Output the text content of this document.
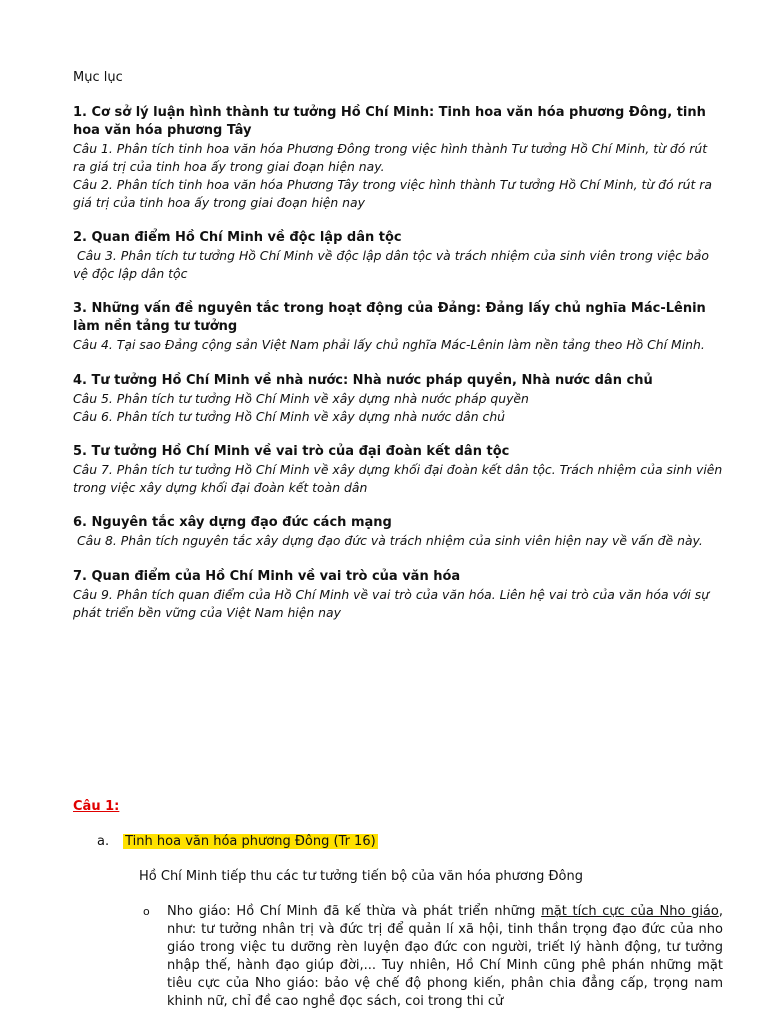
Mục lục
1. Cơ sở lý luận hình thành tư tưởng Hồ Chí Minh: Tinh hoa văn hóa phương Đông, tinh hoa văn hóa phương Tây
Câu 1. Phân tích tinh hoa văn hóa Phương Đông trong việc hình thành Tư tưởng Hồ Chí Minh, từ đó rút ra giá trị của tinh hoa ấy trong giai đoạn hiện nay.
Câu 2. Phân tích tinh hoa văn hóa Phương Tây trong việc hình thành Tư tưởng Hồ Chí Minh, từ đó rút ra giá trị của tinh hoa ấy trong giai đoạn hiện nay
2. Quan điểm Hồ Chí Minh về độc lập dân tộc
Câu 3. Phân tích tư tưởng Hồ Chí Minh về độc lập dân tộc và trách nhiệm của sinh viên trong việc bảo vệ độc lập dân tộc
3. Những vấn đề nguyên tắc trong hoạt động của Đảng: Đảng lấy chủ nghĩa Mác-Lênin làm nền tảng tư tưởng
Câu 4. Tại sao Đảng cộng sản Việt Nam phải lấy chủ nghĩa Mác-Lênin làm nền tảng theo Hồ Chí Minh.
4. Tư tưởng Hồ Chí Minh về nhà nước: Nhà nước pháp quyền, Nhà nước dân chủ
Câu 5. Phân tích tư tưởng Hồ Chí Minh về xây dựng nhà nước pháp quyền
Câu 6. Phân tích tư tưởng Hồ Chí Minh về xây dựng nhà nước dân chủ
5. Tư tưởng Hồ Chí Minh về vai trò của đại đoàn kết dân tộc
Câu 7. Phân tích tư tưởng Hồ Chí Minh về xây dựng khối đại đoàn kết dân tộc. Trách nhiệm của sinh viên trong việc xây dựng khối đại đoàn kết toàn dân
6. Nguyên tắc xây dựng đạo đức cách mạng
Câu 8. Phân tích nguyên tắc xây dựng đạo đức và trách nhiệm của sinh viên hiện nay về vấn đề này.
7. Quan điểm của Hồ Chí Minh về vai trò của văn hóa
Câu 9. Phân tích quan điểm của Hồ Chí Minh về vai trò của văn hóa. Liên hệ vai trò của văn hóa với sự phát triển bền vững của Việt Nam hiện nay
Câu 1:
a. Tinh hoa văn hóa phương Đông (Tr 16)
Hồ Chí Minh tiếp thu các tư tưởng tiến bộ của văn hóa phương Đông
o Nho giáo: Hồ Chí Minh đã kế thừa và phát triển những mặt tích cực của Nho giáo, như: tư tưởng nhân trị và đức trị để quản lí xã hội, tinh thần trọng đạo đức của nho giáo trong việc tu dưỡng rèn luyện đạo đức con người, triết lý hành động, tư tưởng nhập thế, hành đạo giúp đời,... Tuy nhiên, Hồ Chí Minh cũng phê phán những mặt tiêu cực của Nho giáo: bảo vệ chế độ phong kiến, phân chia đẳng cấp, trọng nam khinh nữ, chỉ đề cao nghề đọc sách, coi trong thi cử
